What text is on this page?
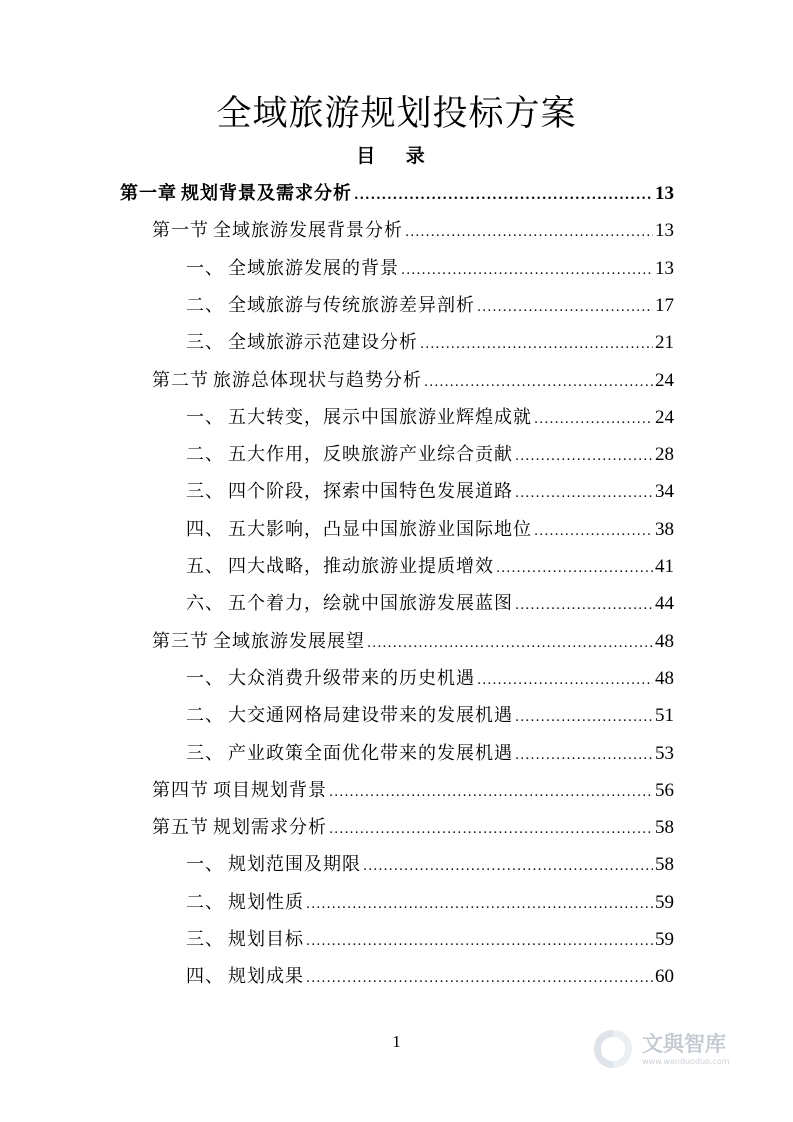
全域旅游规划投标方案
目 录
第一章 规划背景及需求分析 .....	13
第一节 全域旅游发展背景分析 .....	13
一、 全域旅游发展的背景 .....	13
二、 全域旅游与传统旅游差异剖析 .....	17
三、 全域旅游示范建设分析 .....	21
第二节 旅游总体现状与趋势分析 .....	24
一、 五大转变，展示中国旅游业辉煌成就 .....	24
二、 五大作用，反映旅游产业综合贡献 .....	28
三、 四个阶段，探索中国特色发展道路 .....	34
四、 五大影响，凸显中国旅游业国际地位 .....	38
五、 四大战略，推动旅游业提质增效 .....	41
六、 五个着力，绘就中国旅游发展蓝图 .....	44
第三节 全域旅游发展展望 .....	48
一、 大众消费升级带来的历史机遇 .....	48
二、 大交通网格局建设带来的发展机遇 .....	51
三、 产业政策全面优化带来的发展机遇 .....	53
第四节 项目规划背景 .....	56
第五节 规划需求分析 .....	58
一、 规划范围及期限 .....	58
二、 规划性质 .....	59
三、 规划目标 .....	59
四、 规划成果 .....	60
1	文與智库
www.wenduoduo.com
